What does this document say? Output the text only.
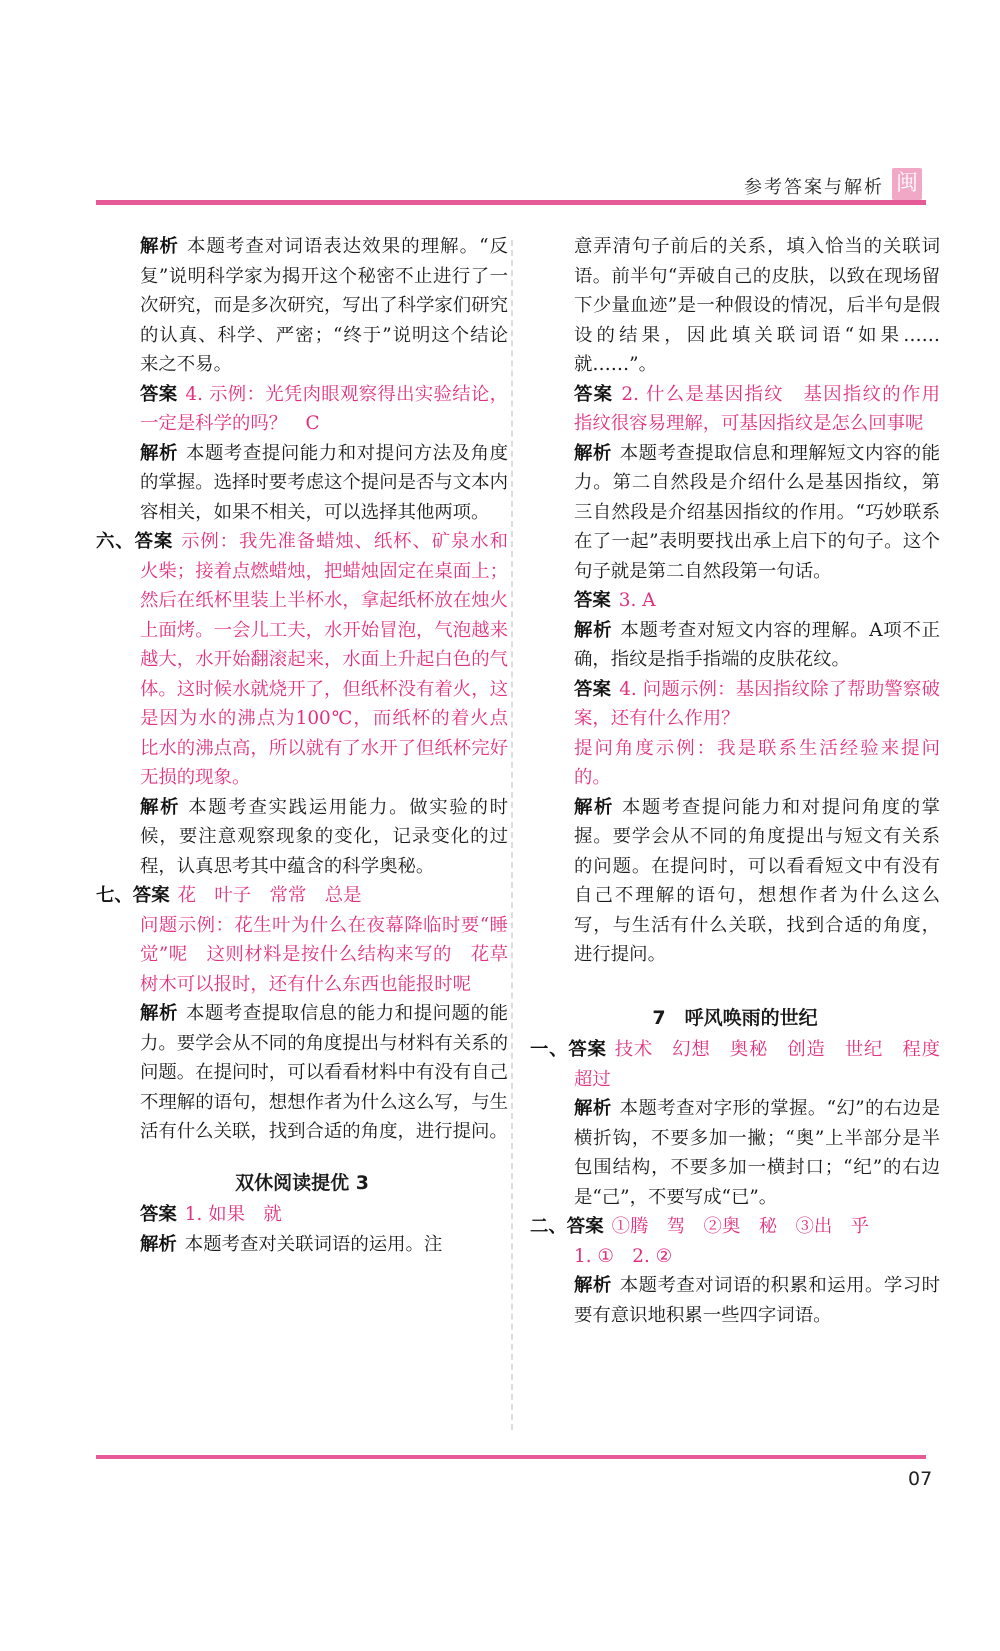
参考答案与解析 闽

解析 本题考查对词语表达效果的理解。“反复”说明科学家为揭开这个秘密不止进行了一次研究，而是多次研究，写出了科学家们研究的认真、科学、严密；“终于”说明这个结论来之不易。

答案 4. 示例：光凭肉眼观察得出实验结论，一定是科学的吗？　C

解析 本题考查提问能力和对提问方法及角度的掌握。选择时要考虑这个提问是否与文本内容相关，如果不相关，可以选择其他两项。

六、答案 示例：我先准备蜡烛、纸杯、矿泉水和火柴；接着点燃蜡烛，把蜡烛固定在桌面上；然后在纸杯里装上半杯水，拿起纸杯放在烛火上面烤。一会儿工夫，水开始冒泡，气泡越来越大，水开始翻滚起来，水面上升起白色的气体。这时候水就烧开了，但纸杯没有着火，这是因为水的沸点为100℃，而纸杯的着火点比水的沸点高，所以就有了水开了但纸杯完好无损的现象。

解析 本题考查实践运用能力。做实验的时候，要注意观察现象的变化，记录变化的过程，认真思考其中蕴含的科学奥秘。

七、答案 花　叶子　常常　总是

问题示例：花生叶为什么在夜幕降临时要“睡觉”呢　这则材料是按什么结构来写的　花草树木可以报时，还有什么东西也能报时呢

解析 本题考查提取信息的能力和提问题的能力。要学会从不同的角度提出与材料有关系的问题。在提问时，可以看看材料中有没有自己不理解的语句，想想作者为什么这么写，与生活有什么关联，找到合适的角度，进行提问。

双休阅读提优 3

答案 1. 如果　就

解析 本题考查对关联词语的运用。注

意弄清句子前后的关系，填入恰当的关联词语。前半句“弄破自己的皮肤，以致在现场留下少量血迹”是一种假设的情况，后半句是假设的结果，因此填关联词语“如果……就……”。

答案 2. 什么是基因指纹　基因指纹的作用　指纹很容易理解，可基因指纹是怎么回事呢

解析 本题考查提取信息和理解短文内容的能力。第二自然段是介绍什么是基因指纹，第三自然段是介绍基因指纹的作用。“巧妙联系在了一起”表明要找出承上启下的句子。这个句子就是第二自然段第一句话。

答案 3. A

解析 本题考查对短文内容的理解。A项不正确，指纹是指手指端的皮肤花纹。

答案 4. 问题示例：基因指纹除了帮助警察破案，还有什么作用？

提问角度示例：我是联系生活经验来提问的。

解析 本题考查提问能力和对提问角度的掌握。要学会从不同的角度提出与短文有关系的问题。在提问时，可以看看短文中有没有自己不理解的语句，想想作者为什么这么写，与生活有什么关联，找到合适的角度，进行提问。

7　呼风唤雨的世纪

一、答案 技术　幻想　奥秘　创造　世纪　程度　超过

解析 本题考查对字形的掌握。“幻”的右边是横折钩，不要多加一撇；“奥”上半部分是半包围结构，不要多加一横封口；“纪”的右边是“己”，不要写成“已”。

二、答案 ①腾　驾　②奥　秘　③出　乎

1. ①　2. ②

解析 本题考查对词语的积累和运用。学习时要有意识地积累一些四字词语。

07
